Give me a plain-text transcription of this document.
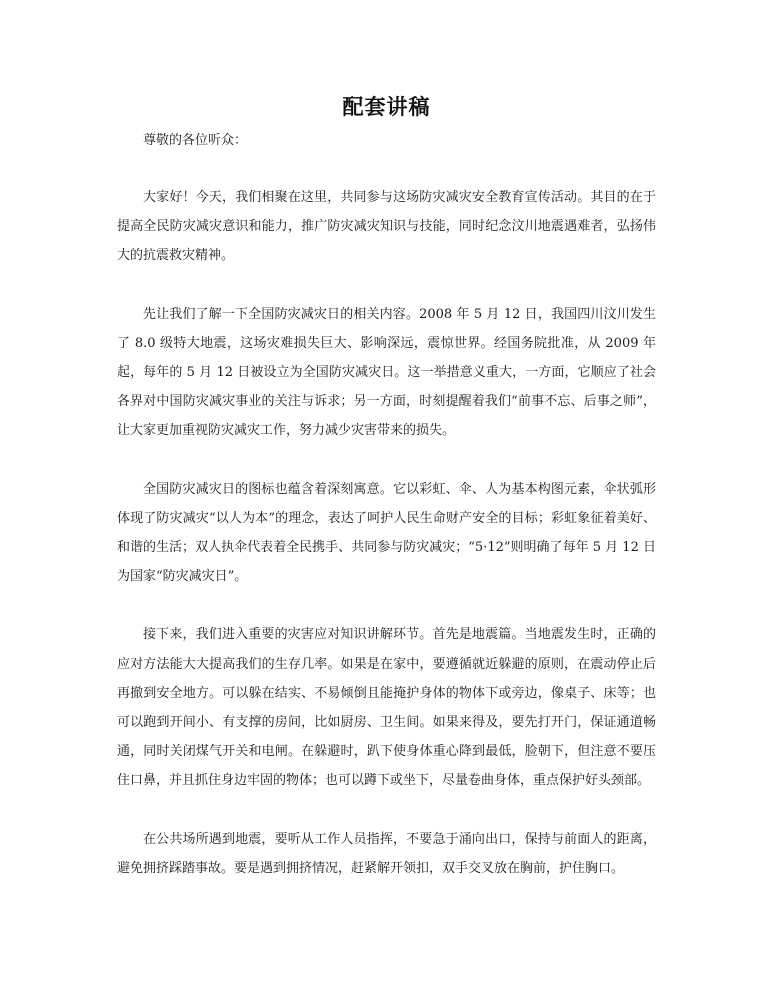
配套讲稿

尊敬的各位听众：

大家好！今天，我们相聚在这里，共同参与这场防灾减灾安全教育宣传活动。其目的在于提高全民防灾减灾意识和能力，推广防灾减灾知识与技能，同时纪念汶川地震遇难者，弘扬伟大的抗震救灾精神。

先让我们了解一下全国防灾减灾日的相关内容。2008 年 5 月 12 日，我国四川汶川发生了 8.0 级特大地震，这场灾难损失巨大、影响深远，震惊世界。经国务院批准，从 2009 年起，每年的 5 月 12 日被设立为全国防灾减灾日。这一举措意义重大，一方面，它顺应了社会各界对中国防灾减灾事业的关注与诉求；另一方面，时刻提醒着我们“前事不忘、后事之师”，让大家更加重视防灾减灾工作，努力减少灾害带来的损失。

全国防灾减灾日的图标也蕴含着深刻寓意。它以彩虹、伞、人为基本构图元素，伞状弧形体现了防灾减灾“以人为本”的理念，表达了呵护人民生命财产安全的目标；彩虹象征着美好、和谐的生活；双人执伞代表着全民携手、共同参与防灾减灾；“5·12”则明确了每年 5 月 12 日为国家“防灾减灾日”。

接下来，我们进入重要的灾害应对知识讲解环节。首先是地震篇。当地震发生时，正确的应对方法能大大提高我们的生存几率。如果是在家中，要遵循就近躲避的原则，在震动停止后再撤到安全地方。可以躲在结实、不易倾倒且能掩护身体的物体下或旁边，像桌子、床等；也可以跑到开间小、有支撑的房间，比如厨房、卫生间。如果来得及，要先打开门，保证通道畅通，同时关闭煤气开关和电闸。在躲避时，趴下使身体重心降到最低，脸朝下，但注意不要压住口鼻，并且抓住身边牢固的物体；也可以蹲下或坐下，尽量卷曲身体，重点保护好头颈部。

在公共场所遇到地震，要听从工作人员指挥，不要急于涌向出口，保持与前面人的距离，避免拥挤踩踏事故。要是遇到拥挤情况，赶紧解开领扣，双手交叉放在胸前，护住胸口。
